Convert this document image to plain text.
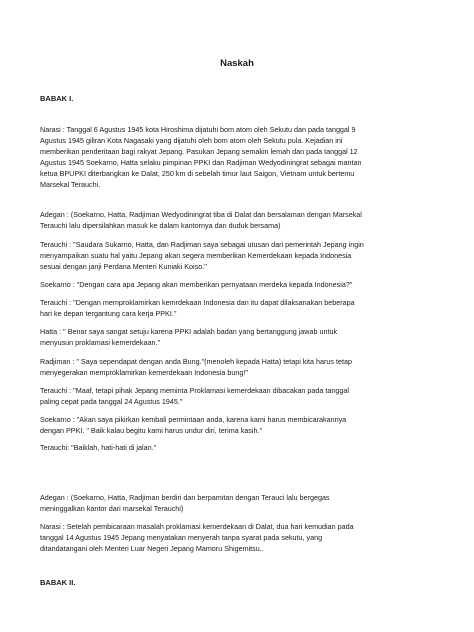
Naskah
BABAK I.
Narasi : Tanggal 6 Agustus 1945 kota Hiroshima dijatuhi bom atom oleh Sekutu dan pada tanggal 9
Agustus 1945 giliran Kota Nagasaki yang dijatuhi oleh bom atom oleh Sekutu pula. Kejadian ini
memberikan penderitaan bagi rakyat Jepang. Pasukan Jepang semakin lemah dan pada tanggal 12
Agustus 1945 Soekarno, Hatta selaku pimpinan PPKI dan Radjiman Wedyodiningrat sebagai mantan
ketua BPUPKI diterbangkan ke Dalat, 250 km di sebelah timur laut Saigon, Vietnam untuk bertemu
Marsekal Terauchi.
Adegan : (Soekarno, Hatta, Radjiman Wedyodiningrat tiba di Dalat dan bersalaman dengan Marsekal
Terauchi lalu dipersilahkan masuk ke dalam kantornya dan duduk bersama)
Terauchi : "Saudara Sukarno, Hatta, dan Radjiman saya sebagai utusan dari pemerintah Jepang ingin
menyampaikan suatu hal yaitu Jepang akan segera memberikan Kemerdekaan kepada Indonesia
sesuai dengan janji Perdana Menteri Kuniaki Koiso."
Soekarno : "Dengan cara apa Jepang akan memberikan pernyataan merdeka kepada Indonesia?"
Terauchi : "Dengan memproklamirkan kemrdekaan Indonesia dan itu dapat dilaksanakan beberapa
hari ke depan tergantung cara kerja PPKI."
Hatta : " Benar saya sangat setuju karena PPKI adalah badan yang bertanggung jawab untuk
menyusun proklamasi kemerdekaan."
Radjiman : " Saya sependapat dengan anda Bung."(menoleh kepada Hatta) tetapi kita harus tetap
menyegerakan memproklamirkan kemerdekaan Indonesia bung!"
Terauchi : "Maaf, tetapi pihak Jepang meminta Proklamasi kemerdekaan dibacakan pada tanggal
paling cepat pada tanggal 24 Agustus 1945."
Soekarno : "Akan saya pikirkan kembali permintaan anda, karena kami harus membicarakannya
dengan PPKI. " Baik kalau begitu kami harus undur diri, terima kasih."
Terauchi: "Baiklah, hati-hati di jalan."
Adegan : (Soekarno, Hatta, Radjiman berdiri dan berpamitan dengan Terauci lalu bergegas
meninggalkan kantor dari marsekal Terauchi)
Narasi : Setelah pembicaraan masalah proklamasi kemerdekaan di Dalat, dua hari kemudian pada
tanggal 14 Agustus 1945 Jepang menyatakan menyerah tanpa syarat pada sekutu, yang
ditandatangani oleh Menteri Luar Negeri Jepang Mamoru Shigemitsu..
BABAK II.
